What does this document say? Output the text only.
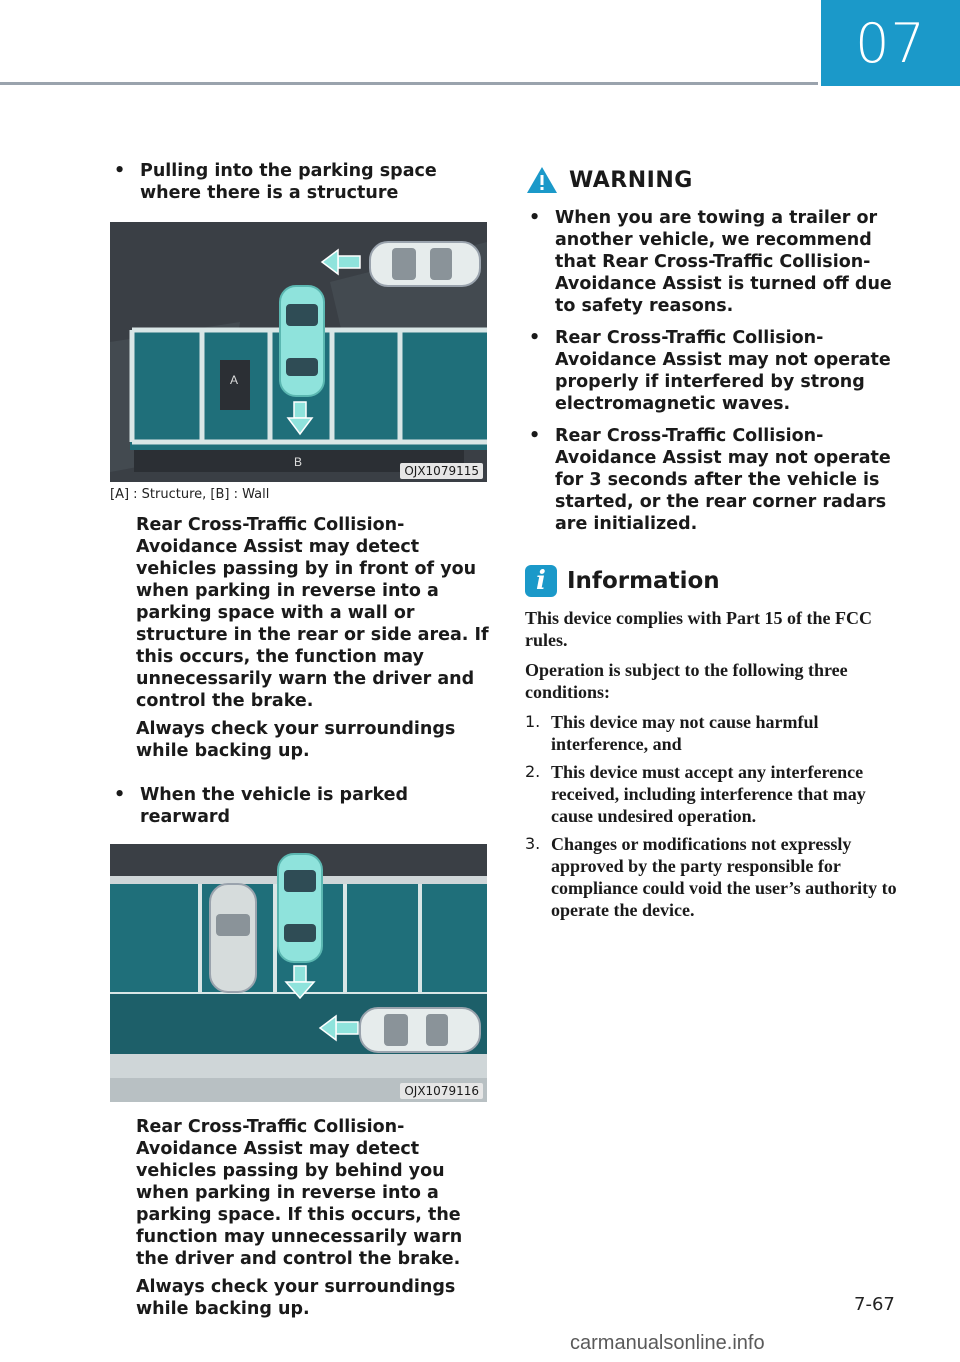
07
• Pulling into the parking space where there is a structure
B
A
OJX1079115
[A] : Structure, [B] : Wall

Rear Cross-Traffic Collision-Avoidance Assist may detect vehicles passing by in front of you when parking in reverse into a parking space with a wall or structure in the rear or side area. If this occurs, the function may unnecessarily warn the driver and control the brake.

Always check your surroundings while backing up.

• When the vehicle is parked rearward
OJX1079116

Rear Cross-Traffic Collision-Avoidance Assist may detect vehicles passing by behind you when parking in reverse into a parking space. If this occurs, the function may unnecessarily warn the driver and control the brake.

Always check your surroundings while backing up.

WARNING
• When you are towing a trailer or another vehicle, we recommend that Rear Cross-Traffic Collision-Avoidance Assist is turned off due to safety reasons.
• Rear Cross-Traffic Collision-Avoidance Assist may not operate properly if interfered by strong electromagnetic waves.
• Rear Cross-Traffic Collision-Avoidance Assist may not operate for 3 seconds after the vehicle is started, or the rear corner radars are initialized.
i Information

This device complies with Part 15 of the FCC rules.

Operation is subject to the following three conditions:

1. This device may not cause harmful interference, and
2. This device must accept any interference received, including interference that may cause undesired operation.
3. Changes or modifications not expressly approved by the party responsible for compliance could void the user’s authority to operate the device.
7-67
carmanualsonline.info
